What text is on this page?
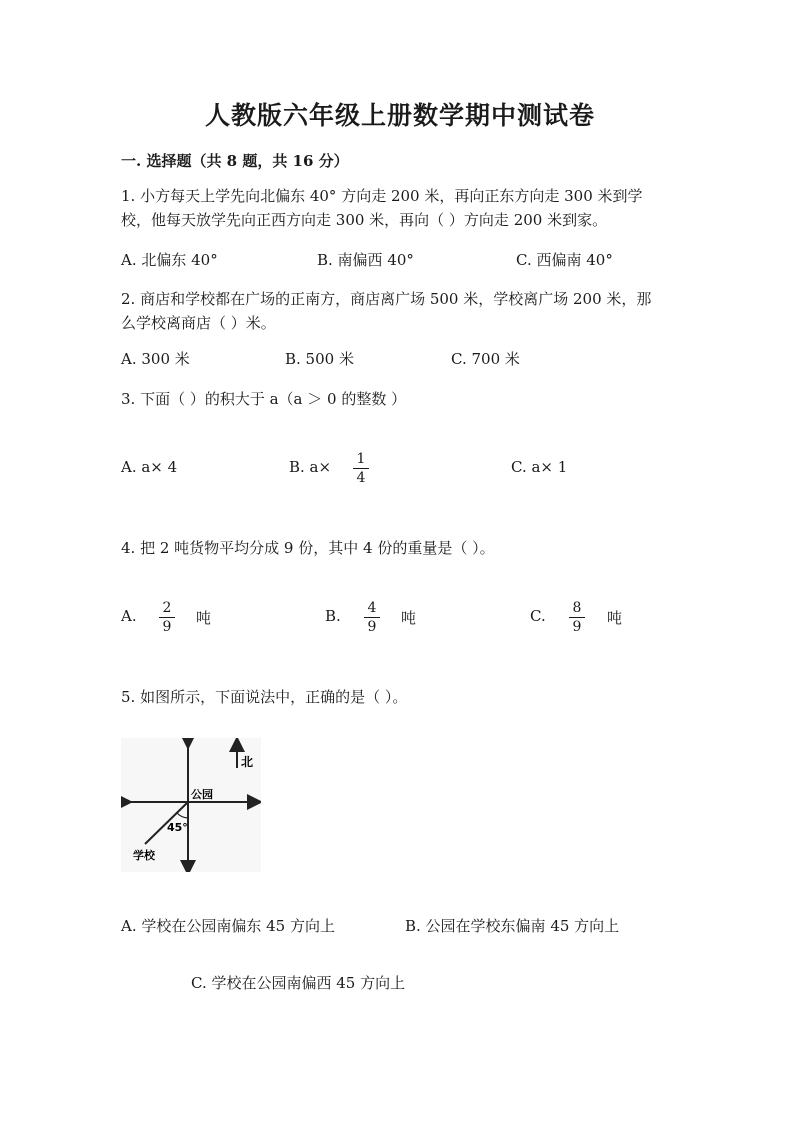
人教版六年级上册数学期中测试卷
一. 选择题（共 8 题，共 16 分）
1. 小方每天上学先向北偏东 40° 方向走 200 米，再向正东方向走 300 米到学
校，他每天放学先向正西方向走 300 米，再向（ ）方向走 200 米到家。
A. 北偏东 40°	B. 南偏西 40°	C. 西偏南 40°
2. 商店和学校都在广场的正南方，商店离广场 500 米，学校离广场 200 米，那
么学校离商店（ ）米。
A. 300 米	B. 500 米	C. 700 米
3. 下面（ ）的积大于 a（a ＞ 0 的整数 ）
A. a× 4	B. $a\times \frac{1}{4}$	C. a× 1
4. 把 2 吨货物平均分成 9 份，其中 4 份的重量是（ ）。
A. $\frac{2}{9}$ 吨	B. $\frac{4}{9}$ 吨	C. $\frac{8}{9}$ 吨
5. 如图所示，下面说法中，正确的是（ ）。
北
公园
45°
学校
A. 学校在公园南偏东 45 方向上	B. 公园在学校东偏南 45 方向上
C. 学校在公园南偏西 45 方向上
